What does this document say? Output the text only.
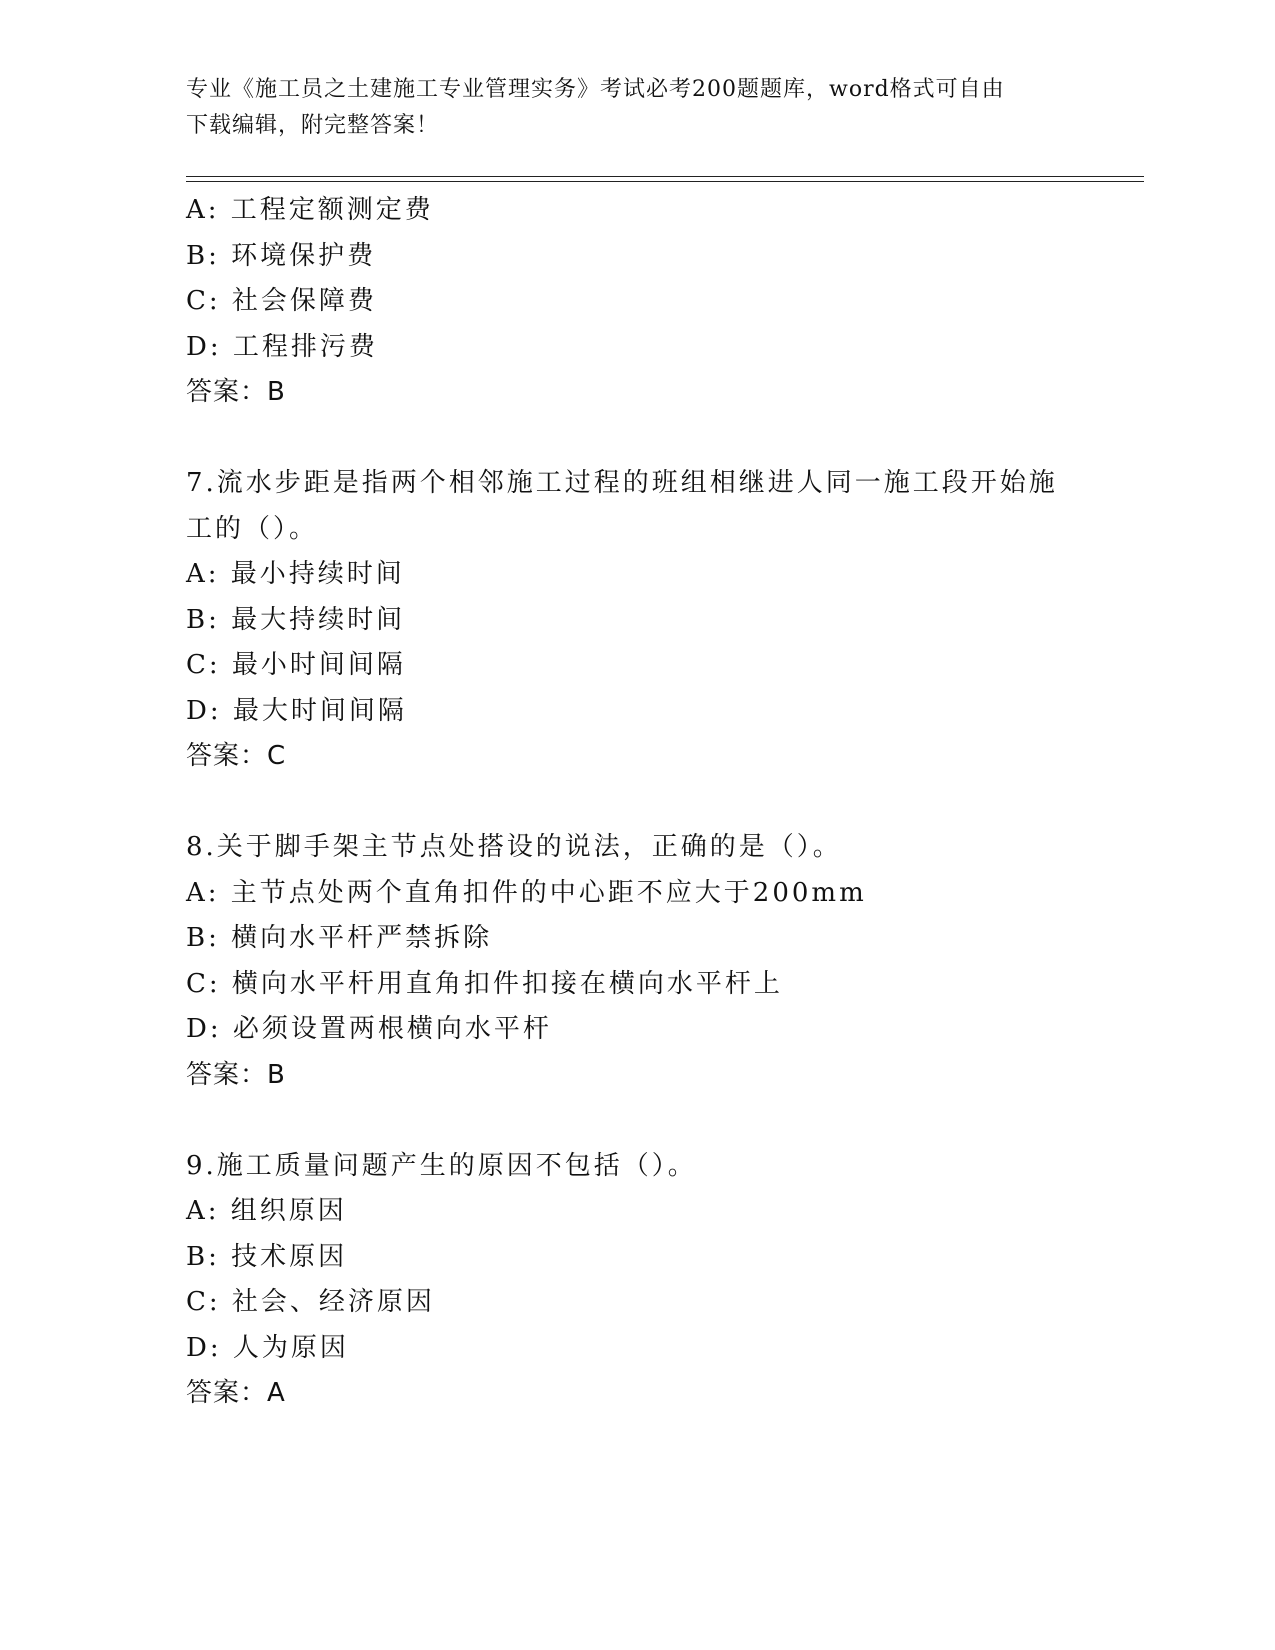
专业《施工员之土建施工专业管理实务》考试必考200题题库，word格式可自由
下载编辑，附完整答案！
A: 工程定额测定费
B: 环境保护费
C: 社会保障费
D: 工程排污费
答案：B
7.流水步距是指两个相邻施工过程的班组相继进人同一施工段开始施
工的（）。
A: 最小持续时间
B: 最大持续时间
C: 最小时间间隔
D: 最大时间间隔
答案：C
8.关于脚手架主节点处搭设的说法，正确的是（）。
A: 主节点处两个直角扣件的中心距不应大于200mm
B: 横向水平杆严禁拆除
C: 横向水平杆用直角扣件扣接在横向水平杆上
D: 必须设置两根横向水平杆
答案：B
9.施工质量问题产生的原因不包括（）。
A: 组织原因
B: 技术原因
C: 社会、经济原因
D: 人为原因
答案：A
